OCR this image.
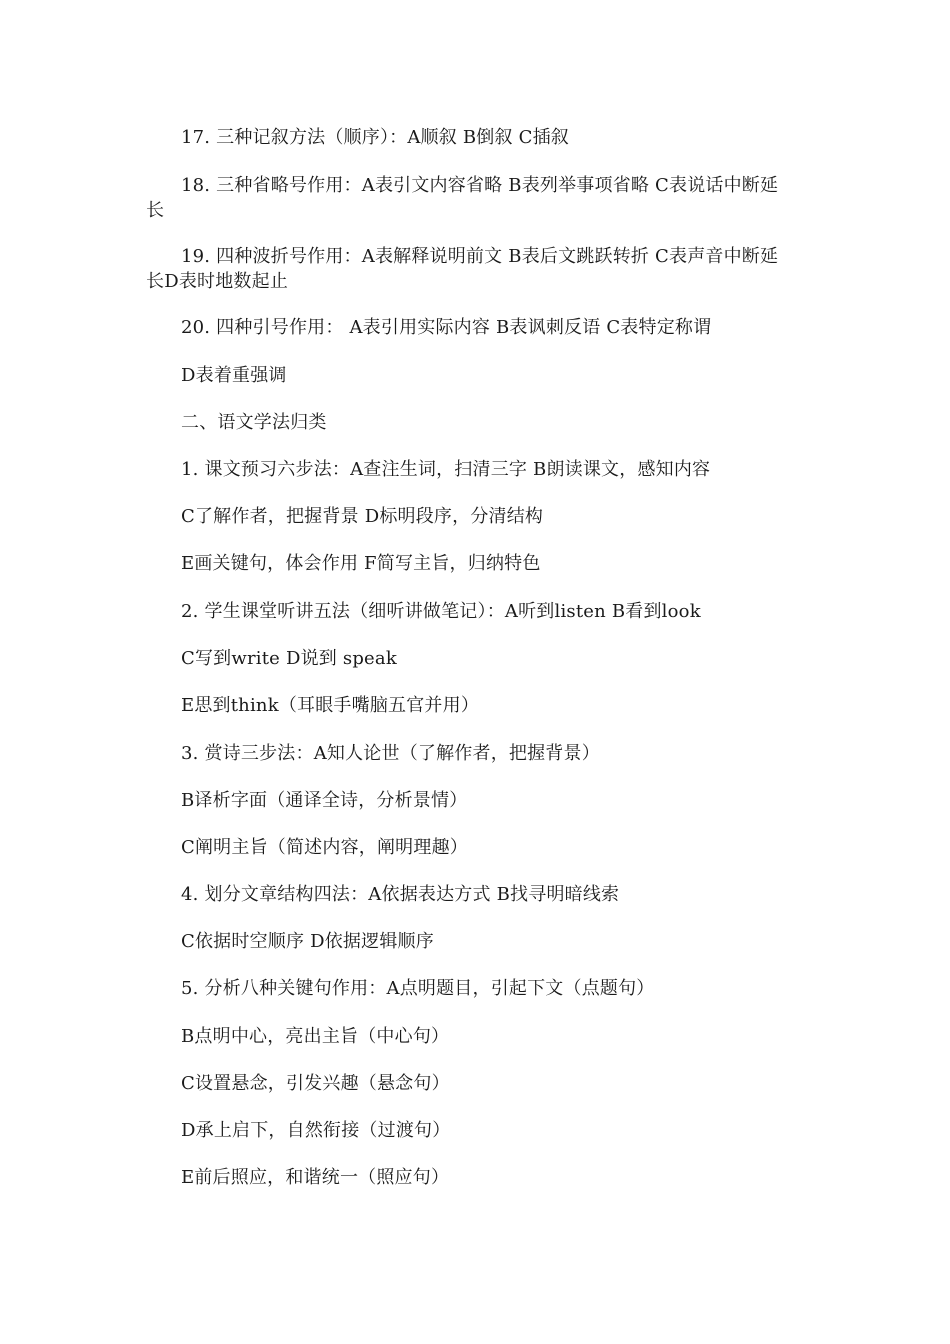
17. 三种记叙方法（顺序）：A顺叙 B倒叙 C插叙
18. 三种省略号作用：A表引文内容省略 B表列举事项省略 C表说话中断延
长
19. 四种波折号作用：A表解释说明前文 B表后文跳跃转折 C表声音中断延
长D表时地数起止
20. 四种引号作用： A表引用实际内容 B表讽刺反语 C表特定称谓
D表着重强调
二、语文学法归类
1. 课文预习六步法：A查注生词，扫清三字 B朗读课文，感知内容
C了解作者，把握背景 D标明段序，分清结构
E画关键句，体会作用 F简写主旨，归纳特色
2. 学生课堂听讲五法（细听讲做笔记）：A听到listen B看到look
C写到write D说到 speak
E思到think（耳眼手嘴脑五官并用）
3. 赏诗三步法：A知人论世（了解作者，把握背景）
B译析字面（通译全诗，分析景情）
C阐明主旨（简述内容，阐明理趣）
4. 划分文章结构四法：A依据表达方式 B找寻明暗线索
C依据时空顺序 D依据逻辑顺序
5. 分析八种关键句作用：A点明题目，引起下文（点题句）
B点明中心，亮出主旨（中心句）
C设置悬念，引发兴趣（悬念句）
D承上启下，自然衔接（过渡句）
E前后照应，和谐统一（照应句）
